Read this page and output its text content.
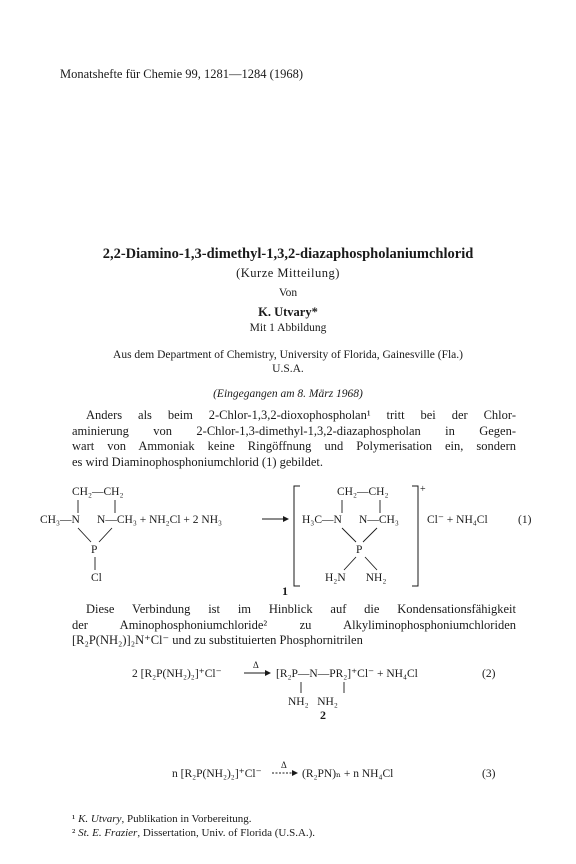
Monatshefte für Chemie 99, 1281—1284 (1968)
2,2-Diamino-1,3-dimethyl-1,3,2-diazaphospholaniumchlorid
(Kurze Mitteilung)
Von
K. Utvary*
Mit 1 Abbildung
Aus dem Department of Chemistry, University of Florida, Gainesville (Fla.)
U.S.A.
(Eingegangen am 8. März 1968)
Anders als beim 2-Chlor-1,3,2-dioxophospholan¹ tritt bei der Chlor-
aminierung von 2-Chlor-1,3-dimethyl-1,3,2-diazaphospholan in Gegen-
wart von Ammoniak keine Ringöffnung und Polymerisation ein, sondern
es wird Diaminophosphoniumchlorid (1) gebildet.
CH₂—CH₂
CH₃—N      N—CH₃ + NH₂Cl + 2 NH₃
P
Cl
CH₂—CH₂
H₃C—N      N—CH₃
P
H₂N       NH₂
+
Cl⁻ + NH₄Cl	(1)
1
Diese Verbindung ist im Hinblick auf die Kondensationsfähigkeit
der Aminophosphoniumchloride² zu Alkyliminophosphoniumchloriden
[R₂P(NH₂)]₂N⁺Cl⁻ und zu substituierten Phosphornitrilen
2 [R₂P(NH₂)₂]⁺Cl⁻
Δ
[R₂P—N—PR₂]⁺Cl⁻ + NH₄Cl
NH₂   NH₂
(2)
2
n [R₂P(NH₂)₂]⁺Cl⁻
Δ
(R₂PN)ₙ + n NH₄Cl	(3)
¹ K. Utvary, Publikation in Vorbereitung.
² St. E. Frazier, Dissertation, Univ. of Florida (U.S.A.).
